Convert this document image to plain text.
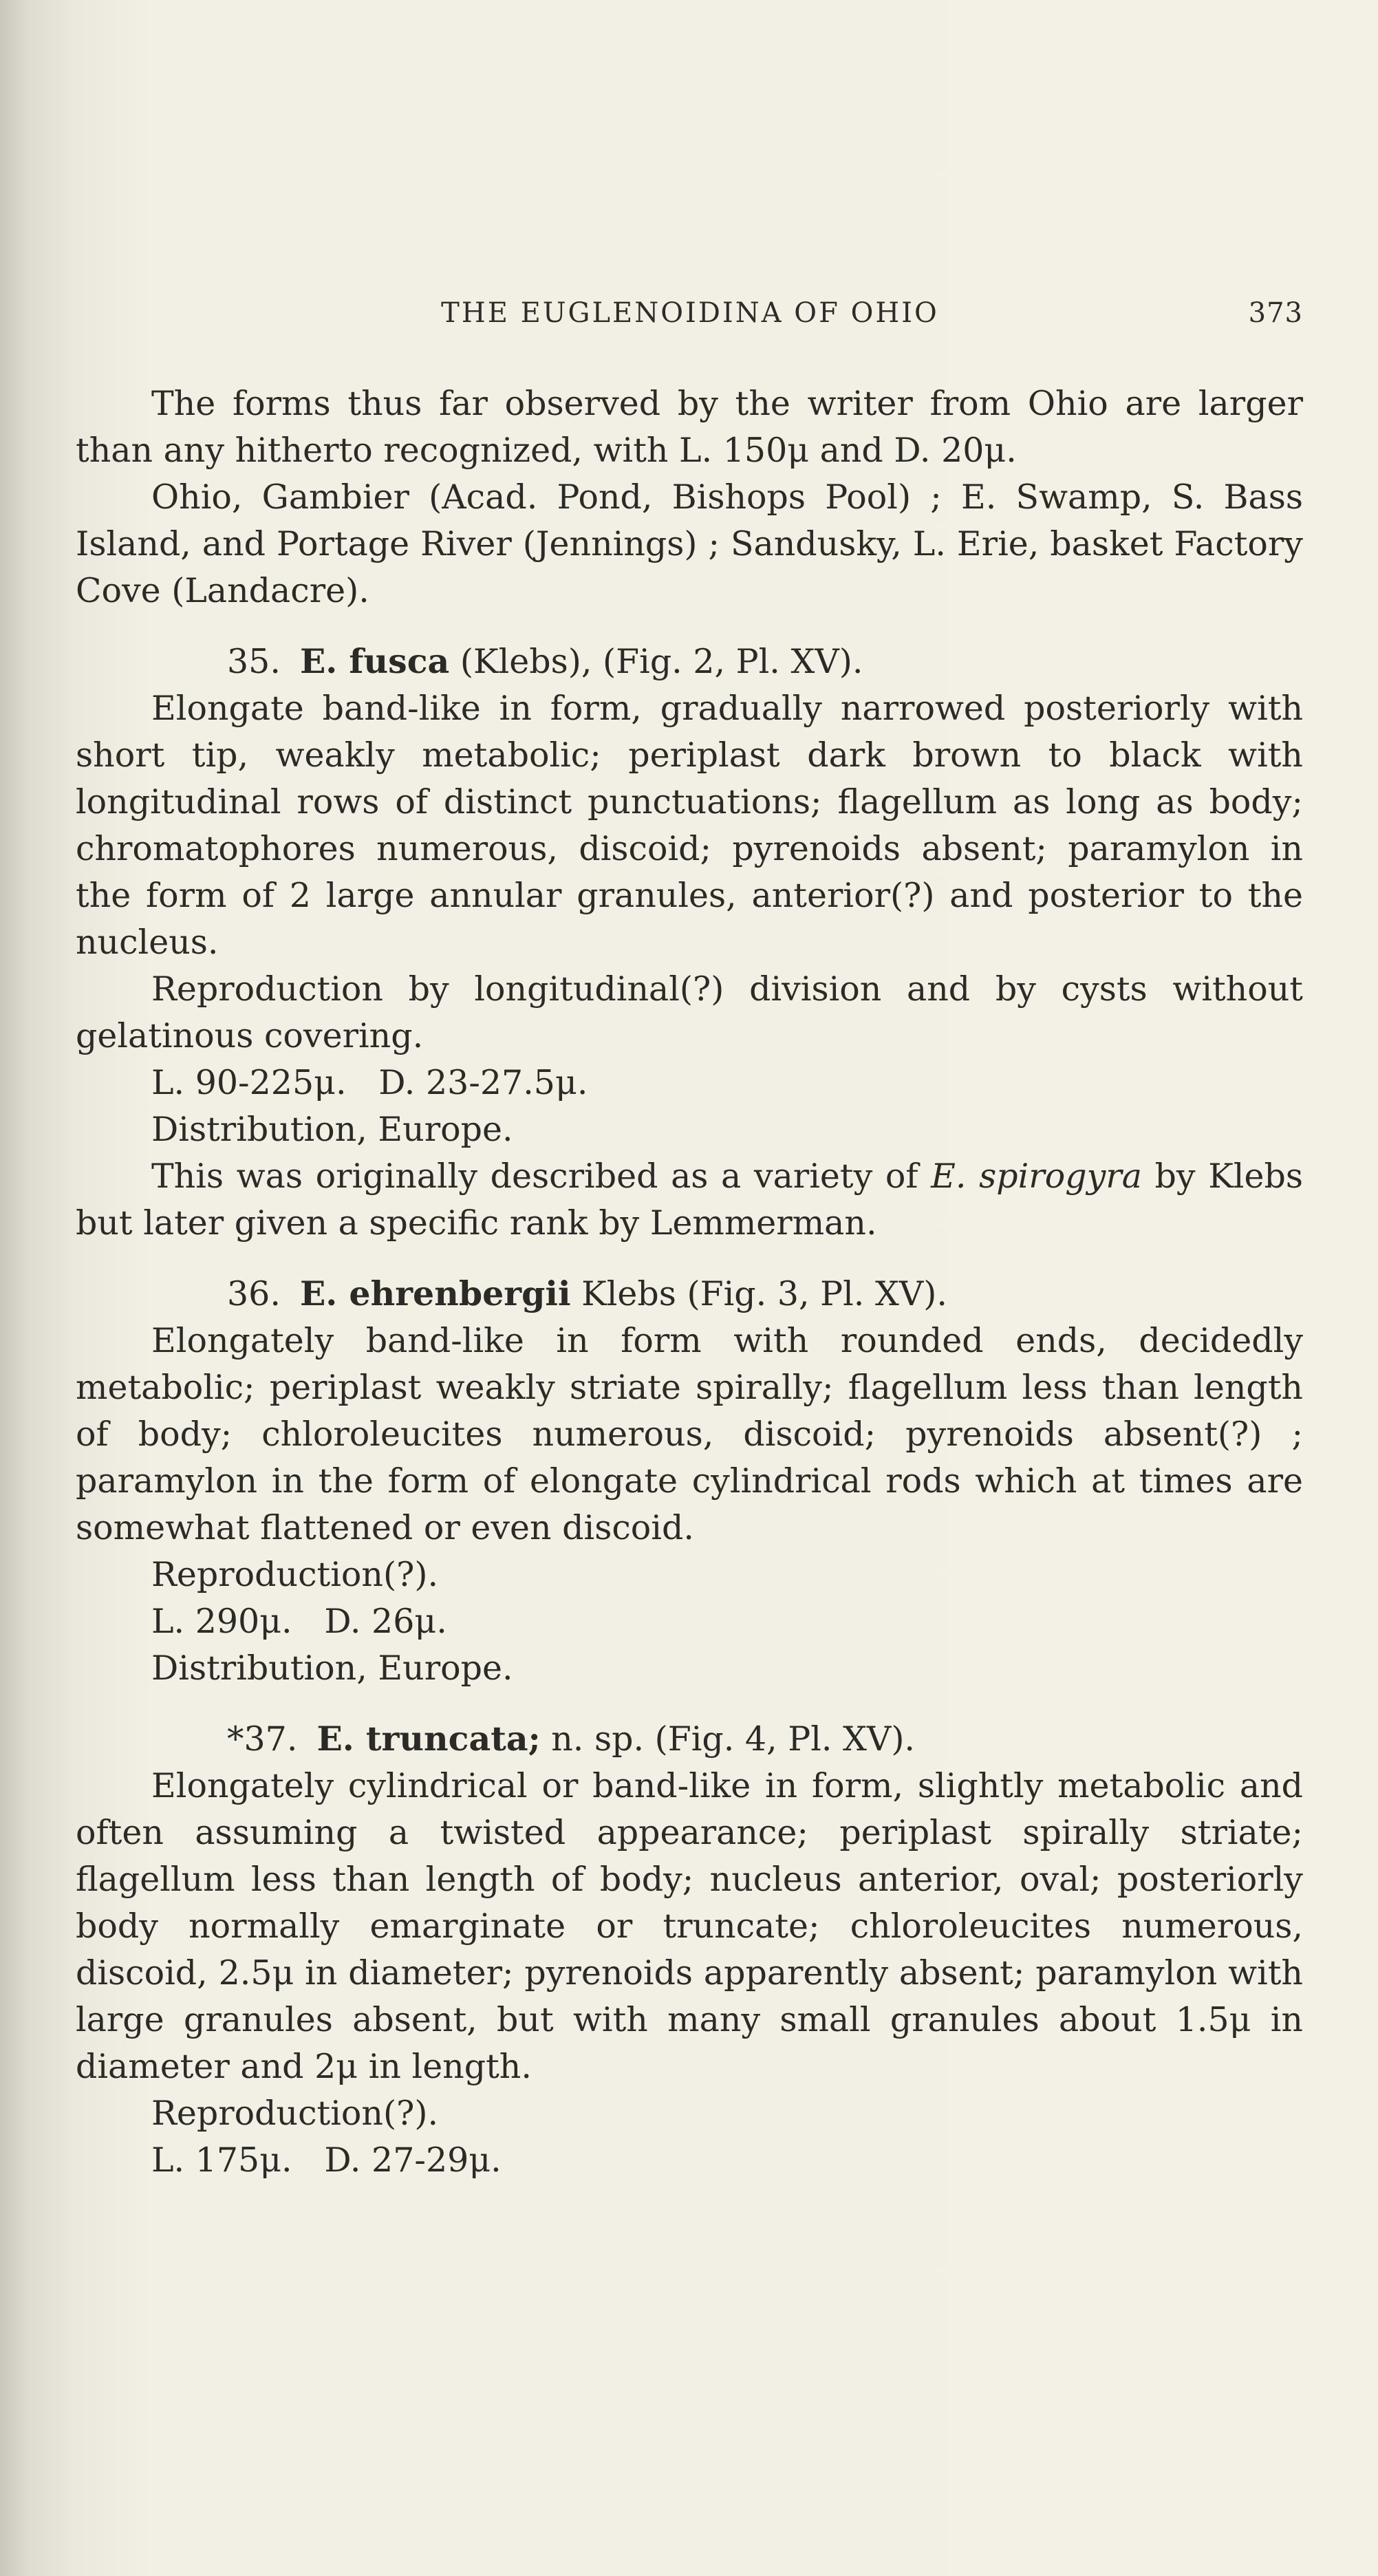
THE EUGLENOIDINA OF OHIO	373

The forms thus far observed by the writer from Ohio are larger than any hitherto recognized, with L. 150μ and D. 20μ.

Ohio, Gambier (Acad. Pond, Bishops Pool) ; E. Swamp, S. Bass Island, and Portage River (Jennings) ; Sandusky, L. Erie, basket Factory Cove (Landacre).

35. E. fusca (Klebs), (Fig. 2, Pl. XV).

Elongate band-like in form, gradually narrowed posteriorly with short tip, weakly metabolic; periplast dark brown to black with longitudinal rows of distinct punctuations; flagellum as long as body; chromatophores numerous, discoid; pyrenoids absent; paramylon in the form of 2 large annular granules, anterior(?) and posterior to the nucleus.

Reproduction by longitudinal(?) division and by cysts without gelatinous covering.

L. 90-225μ.   D. 23-27.5μ.

Distribution, Europe.

This was originally described as a variety of E. spirogyra by Klebs but later given a specific rank by Lemmerman.

36. E. ehrenbergii Klebs (Fig. 3, Pl. XV).

Elongately band-like in form with rounded ends, decidedly metabolic; periplast weakly striate spirally; flagellum less than length of body; chloroleucites numerous, discoid; pyrenoids absent(?) ; paramylon in the form of elongate cylindrical rods which at times are somewhat flattened or even discoid.

Reproduction(?).

L. 290μ.   D. 26μ.

Distribution, Europe.

*37. E. truncata; n. sp. (Fig. 4, Pl. XV).

Elongately cylindrical or band-like in form, slightly metabolic and often assuming a twisted appearance; periplast spirally striate; flagellum less than length of body; nucleus anterior, oval; posteriorly body normally emarginate or truncate; chloroleucites numerous, discoid, 2.5μ in diameter; pyrenoids apparently absent; paramylon with large granules absent, but with many small granules about 1.5μ in diameter and 2μ in length.

Reproduction(?).

L. 175μ.   D. 27-29μ.
